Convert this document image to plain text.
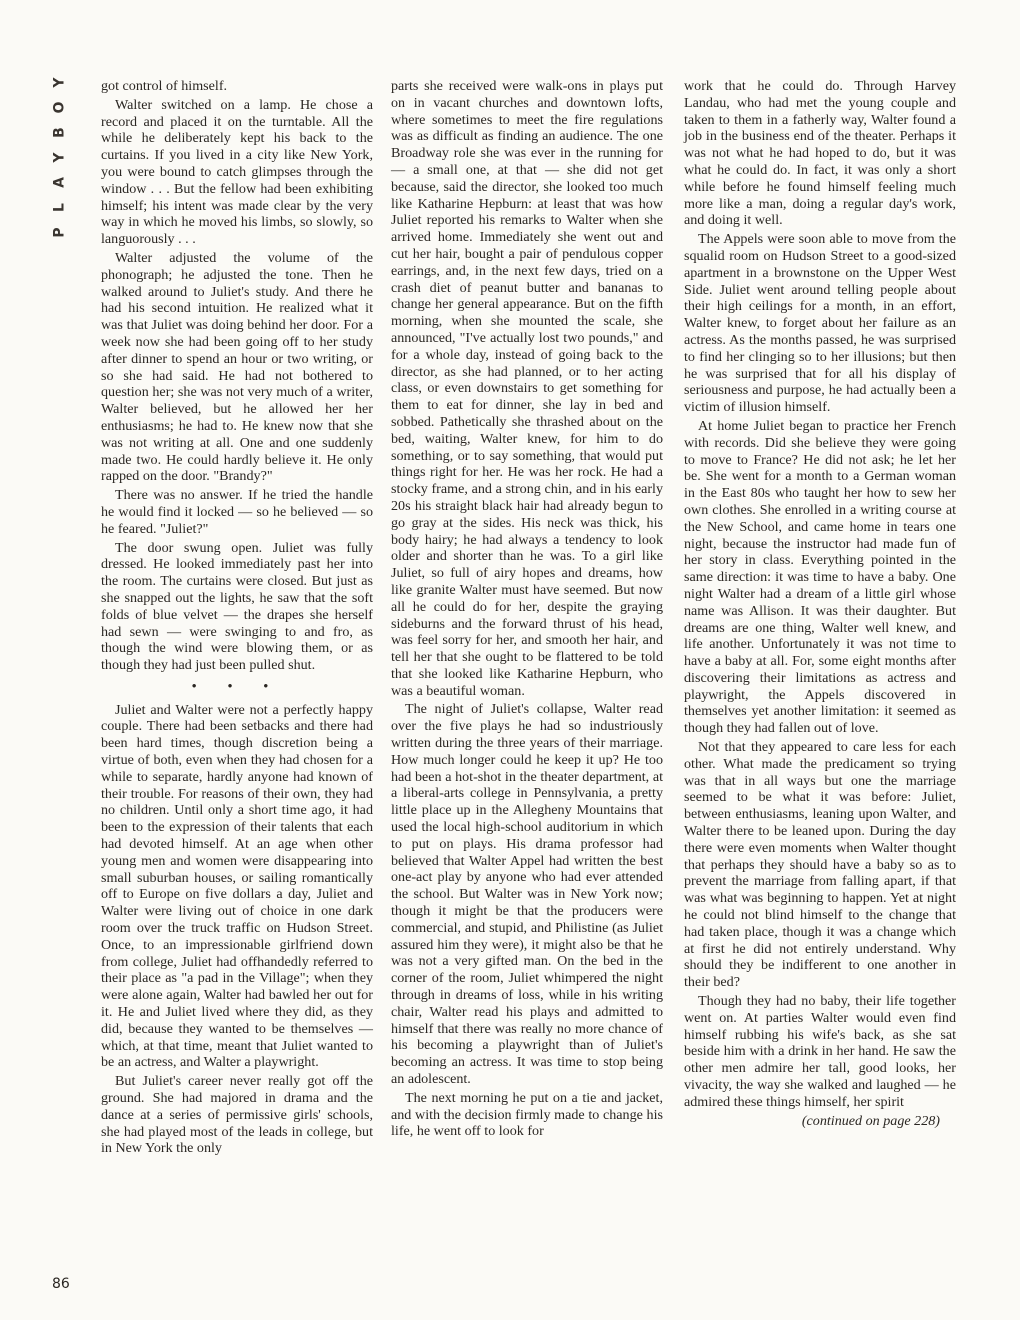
Y
O
B
Y
A
L
P
86

got control of himself.

Walter switched on a lamp. He chose a record and placed it on the turntable. All the while he deliberately kept his back to the curtains. If you lived in a city like New York, you were bound to catch glimpses through the window . . . But the fellow had been exhibiting himself; his intent was made clear by the very way in which he moved his limbs, so slowly, so languorously . . .

Walter adjusted the volume of the phonograph; he adjusted the tone. Then he walked around to Juliet's study. And there he had his second intuition. He realized what it was that Juliet was doing behind her door. For a week now she had been going off to her study after dinner to spend an hour or two writing, or so she had said. He had not bothered to question her; she was not very much of a writer, Walter believed, but he allowed her her enthusiasms; he had to. He knew now that she was not writing at all. One and one suddenly made two. He could hardly believe it. He only rapped on the door. "Brandy?"

There was no answer. If he tried the handle he would find it locked — so he believed — so he feared. "Juliet?"

The door swung open. Juliet was fully dressed. He looked immediately past her into the room. The curtains were closed. But just as she snapped out the lights, he saw that the soft folds of blue velvet — the drapes she herself had sewn — were swinging to and fro, as though the wind were blowing them, or as though they had just been pulled shut.

• • •

Juliet and Walter were not a perfectly happy couple. There had been setbacks and there had been hard times, though discretion being a virtue of both, even when they had chosen for a while to separate, hardly anyone had known of their trouble. For reasons of their own, they had no children. Until only a short time ago, it had been to the expression of their talents that each had devoted himself. At an age when other young men and women were disappearing into small suburban houses, or sailing romantically off to Europe on five dollars a day, Juliet and Walter were living out of choice in one dark room over the truck traffic on Hudson Street. Once, to an impressionable girlfriend down from college, Juliet had offhandedly referred to their place as "a pad in the Village"; when they were alone again, Walter had bawled her out for it. He and Juliet lived where they did, as they did, because they wanted to be themselves — which, at that time, meant that Juliet wanted to be an actress, and Walter a playwright.

But Juliet's career never really got off the ground. She had majored in drama and the dance at a series of permissive girls' schools, she had played most of the leads in college, but in New York the only

parts she received were walk-ons in plays put on in vacant churches and downtown lofts, where sometimes to meet the fire regulations was as difficult as finding an audience. The one Broadway role she was ever in the running for — a small one, at that — she did not get because, said the director, she looked too much like Katharine Hepburn: at least that was how Juliet reported his remarks to Walter when she arrived home. Immediately she went out and cut her hair, bought a pair of pendulous copper earrings, and, in the next few days, tried on a crash diet of peanut butter and bananas to change her general appearance. But on the fifth morning, when she mounted the scale, she announced, "I've actually lost two pounds," and for a whole day, instead of going back to the director, as she had planned, or to her acting class, or even downstairs to get something for them to eat for dinner, she lay in bed and sobbed. Pathetically she thrashed about on the bed, waiting, Walter knew, for him to do something, or to say something, that would put things right for her. He was her rock. He had a stocky frame, and a strong chin, and in his early 20s his straight black hair had already begun to go gray at the sides. His neck was thick, his body hairy; he had always a tendency to look older and shorter than he was. To a girl like Juliet, so full of airy hopes and dreams, how like granite Walter must have seemed. But now all he could do for her, despite the graying sideburns and the forward thrust of his head, was feel sorry for her, and smooth her hair, and tell her that she ought to be flattered to be told that she looked like Katharine Hepburn, who was a beautiful woman.

The night of Juliet's collapse, Walter read over the five plays he had so industriously written during the three years of their marriage. How much longer could he keep it up? He too had been a hot-shot in the theater department, at a liberal-arts college in Pennsylvania, a pretty little place up in the Allegheny Mountains that used the local high-school auditorium in which to put on plays. His drama professor had believed that Walter Appel had written the best one-act play by anyone who had ever attended the school. But Walter was in New York now; though it might be that the producers were commercial, and stupid, and Philistine (as Juliet assured him they were), it might also be that he was not a very gifted man. On the bed in the corner of the room, Juliet whimpered the night through in dreams of loss, while in his writing chair, Walter read his plays and admitted to himself that there was really no more chance of his becoming a playwright than of Juliet's becoming an actress. It was time to stop being an adolescent.

The next morning he put on a tie and jacket, and with the decision firmly made to change his life, he went off to look for

work that he could do. Through Harvey Landau, who had met the young couple and taken to them in a fatherly way, Walter found a job in the business end of the theater. Perhaps it was not what he had hoped to do, but it was what he could do. In fact, it was only a short while before he found himself feeling much more like a man, doing a regular day's work, and doing it well.

The Appels were soon able to move from the squalid room on Hudson Street to a good-sized apartment in a brownstone on the Upper West Side. Juliet went around telling people about their high ceilings for a month, in an effort, Walter knew, to forget about her failure as an actress. As the months passed, he was surprised to find her clinging so to her illusions; but then he was surprised that for all his display of seriousness and purpose, he had actually been a victim of illusion himself.

At home Juliet began to practice her French with records. Did she believe they were going to move to France? He did not ask; he let her be. She went for a month to a German woman in the East 80s who taught her how to sew her own clothes. She enrolled in a writing course at the New School, and came home in tears one night, because the instructor had made fun of her story in class. Everything pointed in the same direction: it was time to have a baby. One night Walter had a dream of a little girl whose name was Allison. It was their daughter. But dreams are one thing, Walter well knew, and life another. Unfortunately it was not time to have a baby at all. For, some eight months after discovering their limitations as actress and playwright, the Appels discovered in themselves yet another limitation: it seemed as though they had fallen out of love.

Not that they appeared to care less for each other. What made the predicament so trying was that in all ways but one the marriage seemed to be what it was before: Juliet, between enthusiasms, leaning upon Walter, and Walter there to be leaned upon. During the day there were even moments when Walter thought that perhaps they should have a baby so as to prevent the marriage from falling apart, if that was what was beginning to happen. Yet at night he could not blind himself to the change that had taken place, though it was a change which at first he did not entirely understand. Why should they be indifferent to one another in their bed?

Though they had no baby, their life together went on. At parties Walter would even find himself rubbing his wife's back, as she sat beside him with a drink in her hand. He saw the other men admire her tall, good looks, her vivacity, the way she walked and laughed — he admired these things himself, her spirit

(continued on page 228)
